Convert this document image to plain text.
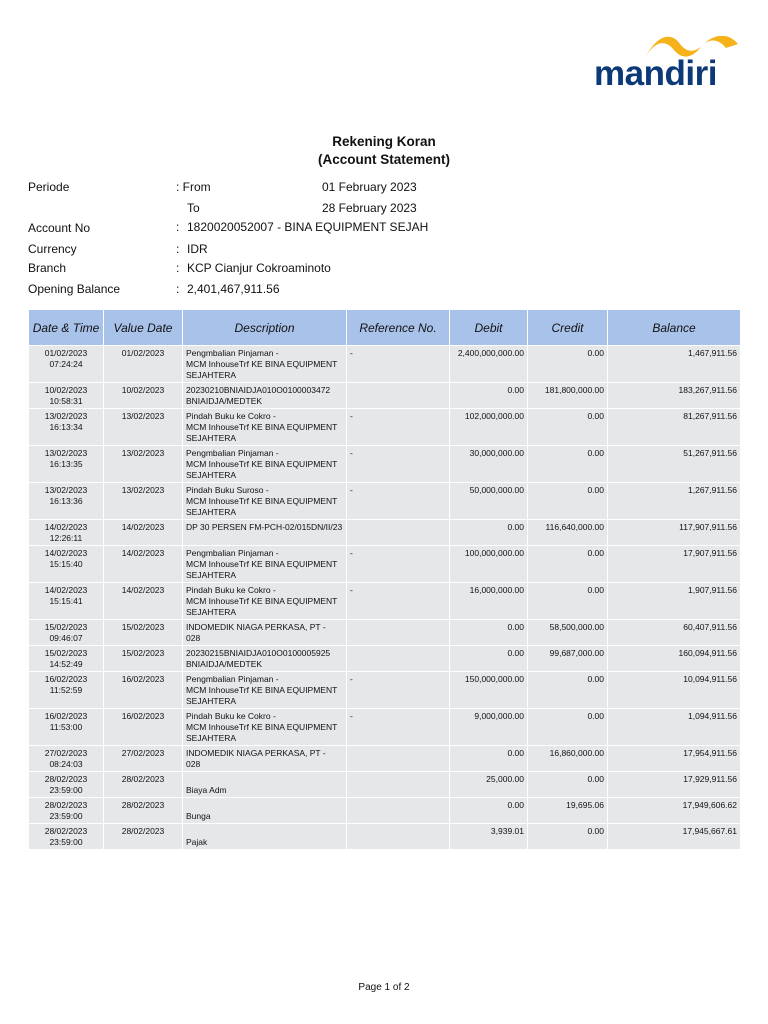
mandiri
Rekening Koran
(Account Statement)
Periode	: From	01 February 2023
To	28 February 2023
Account No	: 1820020052007 - BINA EQUIPMENT SEJAH
Currency	: IDR
Branch	: KCP Cianjur Cokroaminoto
Opening Balance	: 2,401,467,911.56
Date & Time	Value Date	Description	Reference No.	Debit	Credit	Balance
01/02/2023
07:24:24	01/02/2023	Pengmbalian Pinjaman -
MCM InhouseTrf KE BINA EQUIPMENT
SEJAHTERA	-	2,400,000,000.00	0.00	1,467,911.56
10/02/2023
10:58:31	10/02/2023	20230210BNIAIDJA010O0100003472
BNIAIDJA/MEDTEK		0.00	181,800,000.00	183,267,911.56
13/02/2023
16:13:34	13/02/2023	Pindah Buku ke Cokro -
MCM InhouseTrf KE BINA EQUIPMENT
SEJAHTERA	-	102,000,000.00	0.00	81,267,911.56
13/02/2023
16:13:35	13/02/2023	Pengmbalian Pinjaman -
MCM InhouseTrf KE BINA EQUIPMENT
SEJAHTERA	-	30,000,000.00	0.00	51,267,911.56
13/02/2023
16:13:36	13/02/2023	Pindah Buku Suroso -
MCM InhouseTrf KE BINA EQUIPMENT
SEJAHTERA	-	50,000,000.00	0.00	1,267,911.56
14/02/2023
12:26:11	14/02/2023	DP 30 PERSEN FM-PCH-02/015DN/II/23		0.00	116,640,000.00	117,907,911.56
14/02/2023
15:15:40	14/02/2023	Pengmbalian Pinjaman -
MCM InhouseTrf KE BINA EQUIPMENT
SEJAHTERA	-	100,000,000.00	0.00	17,907,911.56
14/02/2023
15:15:41	14/02/2023	Pindah Buku ke Cokro -
MCM InhouseTrf KE BINA EQUIPMENT
SEJAHTERA	-	16,000,000.00	0.00	1,907,911.56
15/02/2023
09:46:07	15/02/2023	INDOMEDIK NIAGA PERKASA, PT -
028		0.00	58,500,000.00	60,407,911.56
15/02/2023
14:52:49	15/02/2023	20230215BNIAIDJA010O0100005925
BNIAIDJA/MEDTEK		0.00	99,687,000.00	160,094,911.56
16/02/2023
11:52:59	16/02/2023	Pengmbalian Pinjaman -
MCM InhouseTrf KE BINA EQUIPMENT
SEJAHTERA	-	150,000,000.00	0.00	10,094,911.56
16/02/2023
11:53:00	16/02/2023	Pindah Buku ke Cokro -
MCM InhouseTrf KE BINA EQUIPMENT
SEJAHTERA	-	9,000,000.00	0.00	1,094,911.56
27/02/2023
08:24:03	27/02/2023	INDOMEDIK NIAGA PERKASA, PT -
028		0.00	16,860,000.00	17,954,911.56
28/02/2023
23:59:00	28/02/2023	
Biaya Adm		25,000.00	0.00	17,929,911.56
28/02/2023
23:59:00	28/02/2023	
Bunga		0.00	19,695.06	17,949,606.62
28/02/2023
23:59:00	28/02/2023	
Pajak		3,939.01	0.00	17,945,667.61
Page 1 of 2
